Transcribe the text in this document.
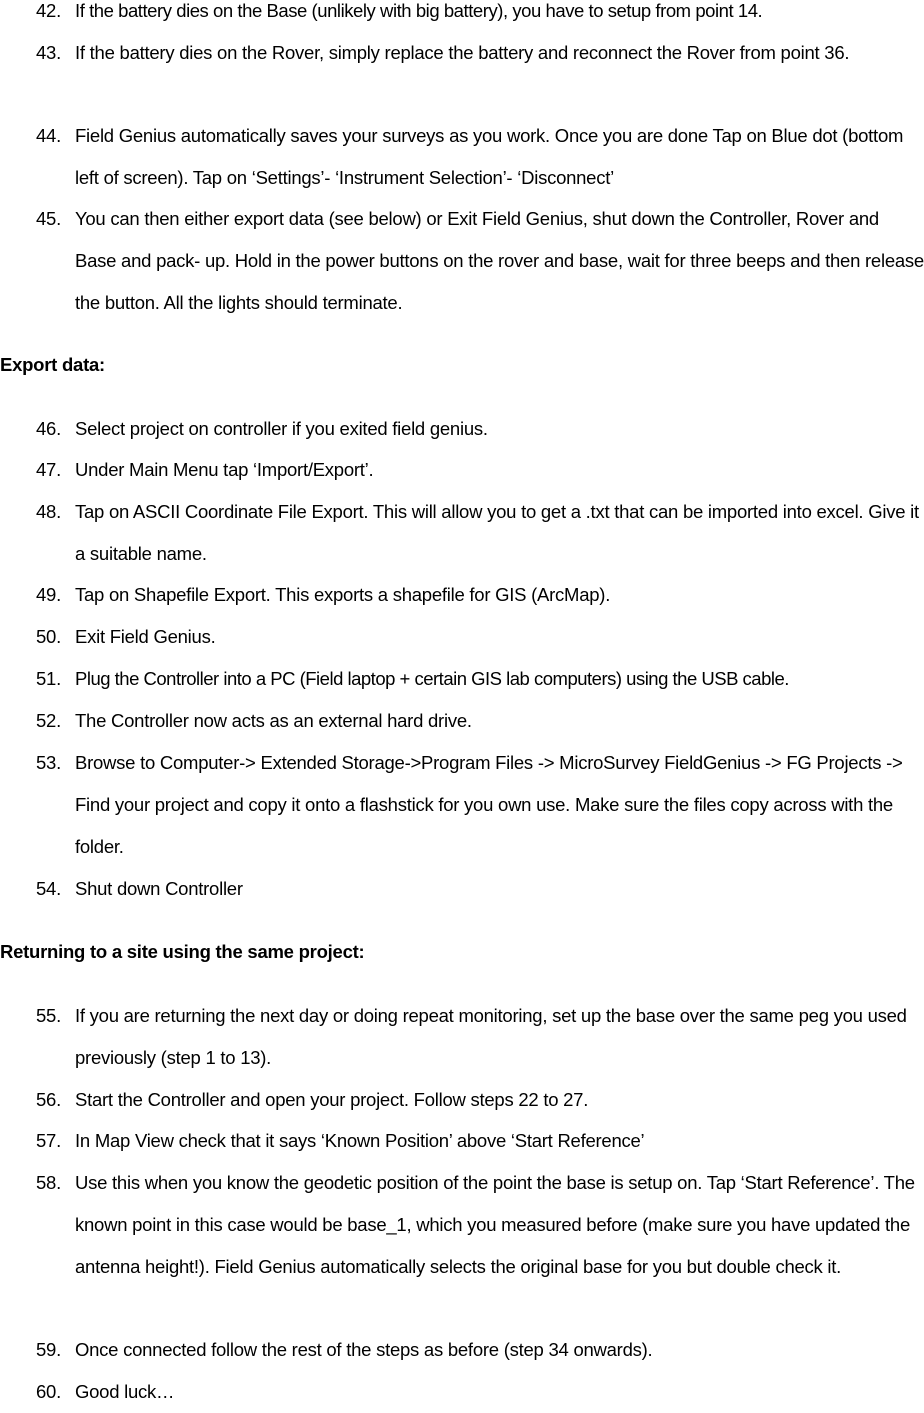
42. If the battery dies on the Base (unlikely with big battery), you have to setup from point 14.
43. If the battery dies on the Rover, simply replace the battery and reconnect the Rover from point 36.
44. Field Genius automatically saves your surveys as you work. Once you are done Tap on Blue dot (bottom left of screen). Tap on ‘Settings’- ‘Instrument Selection’- ‘Disconnect’
45. You can then either export data (see below) or Exit Field Genius, shut down the Controller, Rover and Base and pack- up. Hold in the power buttons on the rover and base, wait for three beeps and then release the button. All the lights should terminate.
Export data:
46. Select project on controller if you exited field genius.
47. Under Main Menu tap ‘Import/Export’.
48. Tap on ASCII Coordinate File Export. This will allow you to get a .txt that can be imported into excel. Give it a suitable name.
49. Tap on Shapefile Export. This exports a shapefile for GIS (ArcMap).
50. Exit Field Genius.
51. Plug the Controller into a PC (Field laptop + certain GIS lab computers) using the USB cable.
52. The Controller now acts as an external hard drive.
53. Browse to Computer-> Extended Storage->Program Files -> MicroSurvey FieldGenius -> FG Projects -> Find your project and copy it onto a flashstick for you own use. Make sure the files copy across with the folder.
54. Shut down Controller
Returning to a site using the same project:
55. If you are returning the next day or doing repeat monitoring, set up the base over the same peg you used previously (step 1 to 13).
56. Start the Controller and open your project. Follow steps 22 to 27.
57. In Map View check that it says ‘Known Position’ above ‘Start Reference’
58. Use this when you know the geodetic position of the point the base is setup on. Tap ‘Start Reference’. The known point in this case would be base_1, which you measured before (make sure you have updated the antenna height!). Field Genius automatically selects the original base for you but double check it.
59. Once connected follow the rest of the steps as before (step 34 onwards).
60. Good luck…
